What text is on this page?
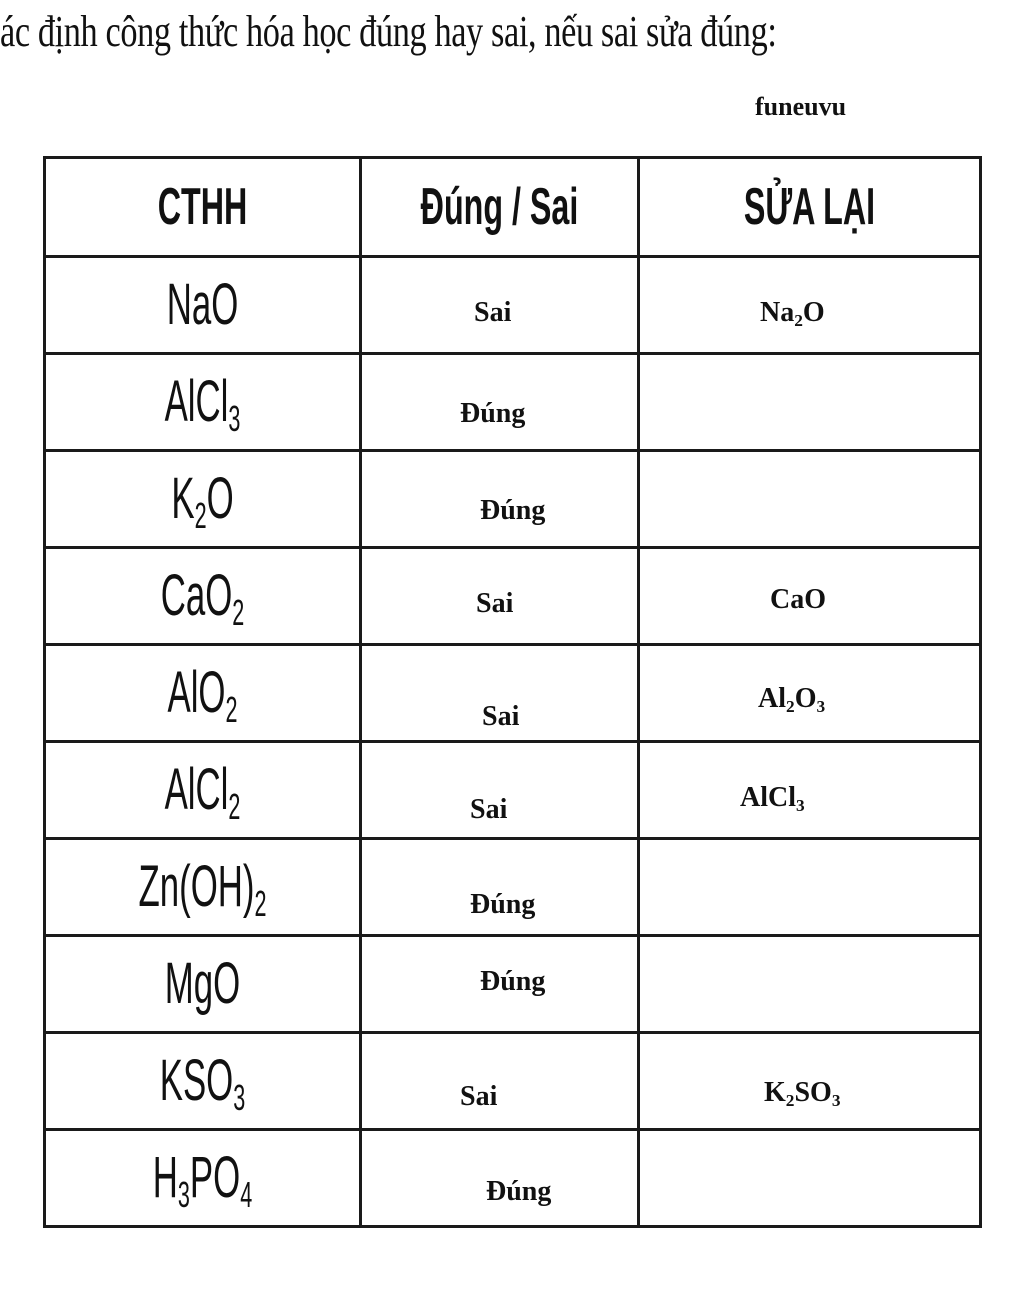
ác định công thức hóa học đúng hay sai, nếu sai sửa đúng:
funeuvu
CTHH	Đúng / Sai	SỬA LẠI

NaO	Sai	$Na_2O$

AlCl$_3$	Đúng	

$K_2O$	Đúng	

CaO$_2$	Sai	CaO

AlO$_2$	Sai	$Al_2O_3$

AlCl$_2$	Sai	AlCl$_3$

$Zn(OH)_2$	Đúng	

MgO	Đúng	

$KSO_3$	Sai	$K_2SO_3$

$H_3PO_4$	Đúng	
